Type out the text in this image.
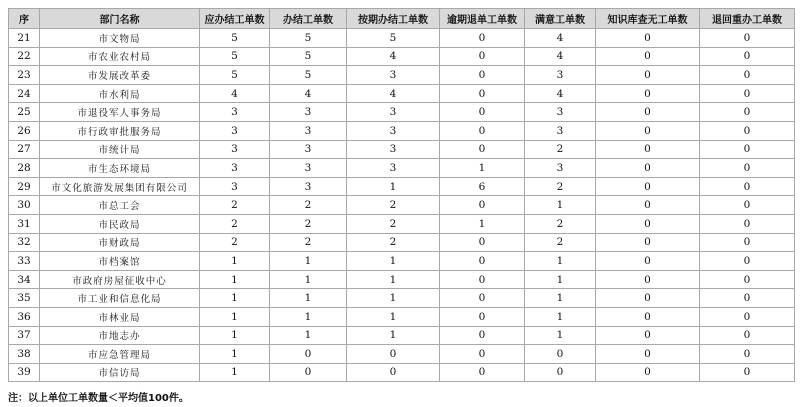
序	部门名称	应办结工单数	办结工单数	按期办结工单数	逾期退单工单数	满意工单数	知识库查无工单数	退回重办工单数
21	市文物局	5	5	5	0	4	0	0
22	市农业农村局	5	5	4	0	4	0	0
23	市发展改革委	5	5	3	0	3	0	0
24	市水利局	4	4	4	0	4	0	0
25	市退役军人事务局	3	3	3	0	3	0	0
26	市行政审批服务局	3	3	3	0	3	0	0
27	市统计局	3	3	3	0	2	0	0
28	市生态环境局	3	3	3	1	3	0	0
29	市文化旅游发展集团有限公司	3	3	1	6	2	0	0
30	市总工会	2	2	2	0	1	0	0
31	市民政局	2	2	2	1	2	0	0
32	市财政局	2	2	2	0	2	0	0
33	市档案馆	1	1	1	0	1	0	0
34	市政府房屋征收中心	1	1	1	0	1	0	0
35	市工业和信息化局	1	1	1	0	1	0	0
36	市林业局	1	1	1	0	1	0	0
37	市地志办	1	1	1	0	1	0	0
38	市应急管理局	1	0	0	0	0	0	0
39	市信访局	1	0	0	0	0	0	0
注：以上单位工单数量＜平均值100件。
